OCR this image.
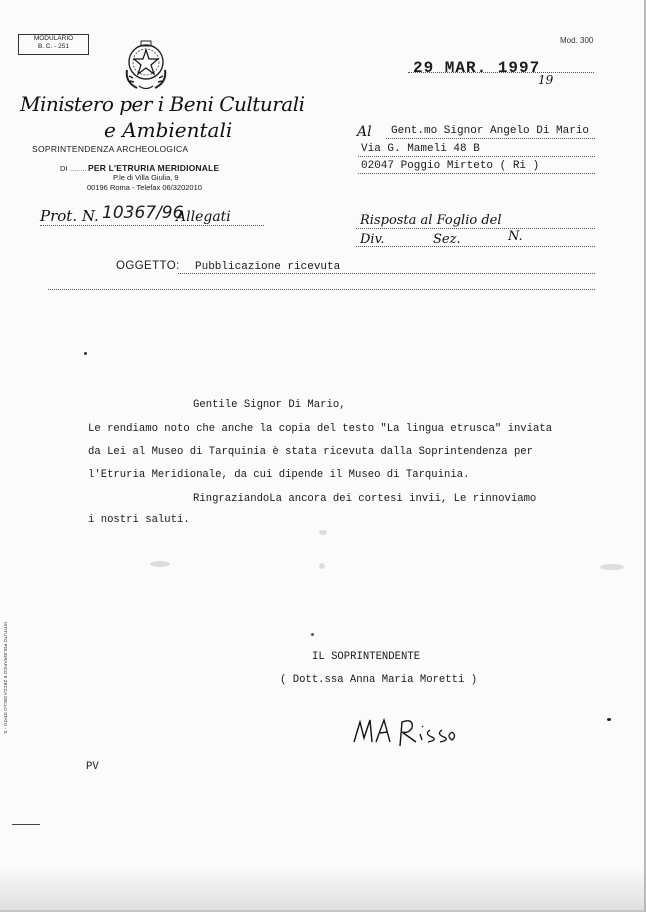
MODULARIO
B. C. - 251
Mod. 300
Ministero per i Beni Culturali
e Ambientali
SOPRINTENDENZA ARCHEOLOGICA
DI ........ PER L'ETRURIA MERIDIONALE
P.le di Villa Giulia, 9
00196 Roma - Telefax 06/3202010
29 MAR. 1997
19
Al Gent.mo Signor Angelo Di Mario
Via G. Mameli 48 B
02047 Poggio Mirteto ( Ri )
Prot. N. 10367/96
Allegati	Risposta al Foglio del
Div.	Sez.	N.
OGGETTO: Pubblicazione ricevuta
Gentile Signor Di Mario,
Le rendiamo noto che anche la copia del testo "La lingua etrusca" inviata
da Lei al Museo di Tarquinia è stata ricevuta dalla Soprintendenza per
l'Etruria Meridionale, da cui dipende il Museo di Tarquinia.
RingraziandoLa ancora dei cortesi invii, Le rinnoviamo
i nostri saluti.
IL SOPRINTENDENTE
( Dott.ssa Anna Maria Moretti )
PV
ISTITUTO POLIGRAFICO E ZECCA DELLO STATO - S.
